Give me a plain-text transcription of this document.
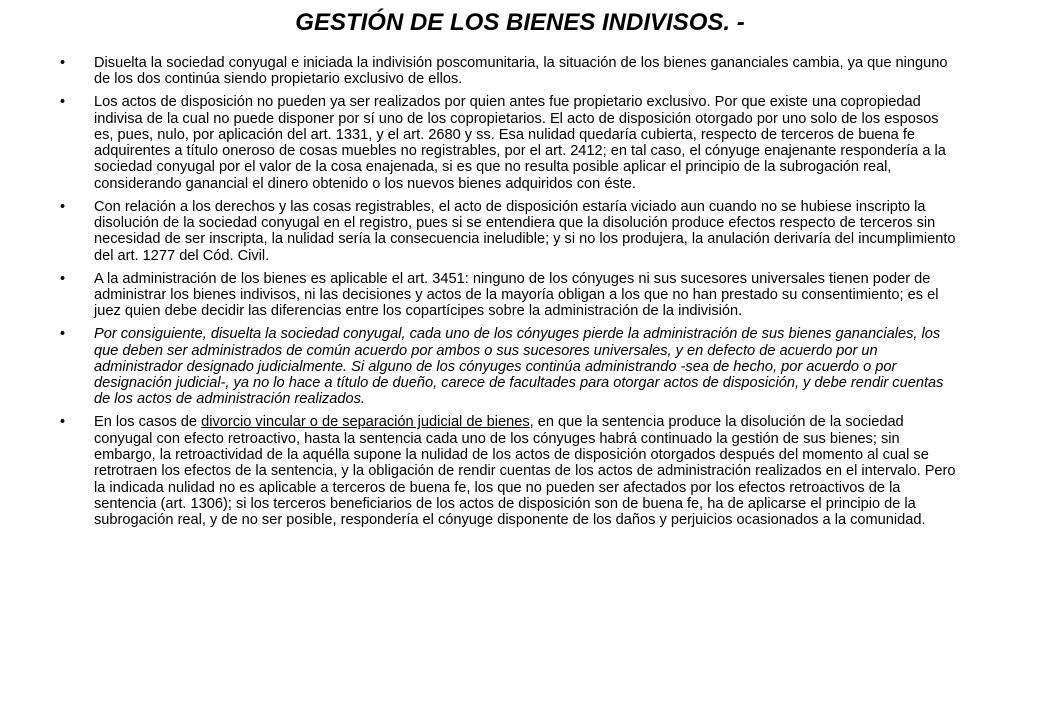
GESTIÓN DE LOS BIENES INDIVISOS. -
• Disuelta la sociedad conyugal e iniciada la indivisión poscomunitaria, la situación de los bienes gananciales cambia, ya que ninguno de los dos continúa siendo propietario exclusivo de ellos.
• Los actos de disposición no pueden ya ser realizados por quien antes fue propietario exclusivo. Por que existe una copropiedad indivisa de la cual no puede disponer por sí uno de los copropietarios. El acto de disposición otorgado por uno solo de los esposos es, pues, nulo, por aplicación del art. 1331, y el art. 2680 y ss. Esa nulidad quedaría cubierta, respecto de terceros de buena fe adquirentes a título oneroso de cosas muebles no registrables, por el art. 2412; en tal caso, el cónyuge enajenante respondería a la sociedad conyugal por el valor de la cosa enajenada, si es que no resulta posible aplicar el principio de la subrogación real, considerando ganancial el dinero obtenido o los nuevos bienes adquiridos con éste.
• Con relación a los derechos y las cosas registrables, el acto de disposición estaría viciado aun cuando no se hubiese inscripto la disolución de la sociedad conyugal en el registro, pues si se entendiera que la disolución produce efectos respecto de terceros sin necesidad de ser inscripta, la nulidad sería la consecuencia ineludible; y si no los produjera, la anulación derivaría del incumplimiento del art. 1277 del Cód. Civil.
• A la administración de los bienes es aplicable el art. 3451: ninguno de los cónyuges ni sus sucesores universales tienen poder de administrar los bienes indivisos, ni las decisiones y actos de la mayoría obligan a los que no han prestado su consentimiento; es el juez quien debe decidir las diferencias entre los copartícipes sobre la administración de la indivisión.
• Por consiguiente, disuelta la sociedad conyugal, cada uno de los cónyuges pierde la administración de sus bienes gananciales, los que deben ser administrados de común acuerdo por ambos o sus sucesores universales, y en defecto de acuerdo por un administrador designado judicialmente. Si alguno de los cónyuges continúa administrando -sea de hecho, por acuerdo o por designación judicial-, ya no lo hace a título de dueño, carece de facultades para otorgar actos de disposición, y debe rendir cuentas de los actos de administración realizados.
• En los casos de divorcio vincular o de separación judicial de bienes, en que la sentencia produce la disolución de la sociedad conyugal con efecto retroactivo, hasta la sentencia cada uno de los cónyuges habrá continuado la gestión de sus bienes; sin embargo, la retroactividad de la aquélla supone la nulidad de los actos de disposición otorgados después del momento al cual se retrotraen los efectos de la sentencia, y la obligación de rendir cuentas de los actos de administración realizados en el intervalo. Pero la indicada nulidad no es aplicable a terceros de buena fe, los que no pueden ser afectados por los efectos retroactivos de la sentencia (art. 1306); si los terceros beneficiarios de los actos de disposición son de buena fe, ha de aplicarse el principio de la subrogación real, y de no ser posible, respondería el cónyuge disponente de los daños y perjuicios ocasionados a la comunidad.
